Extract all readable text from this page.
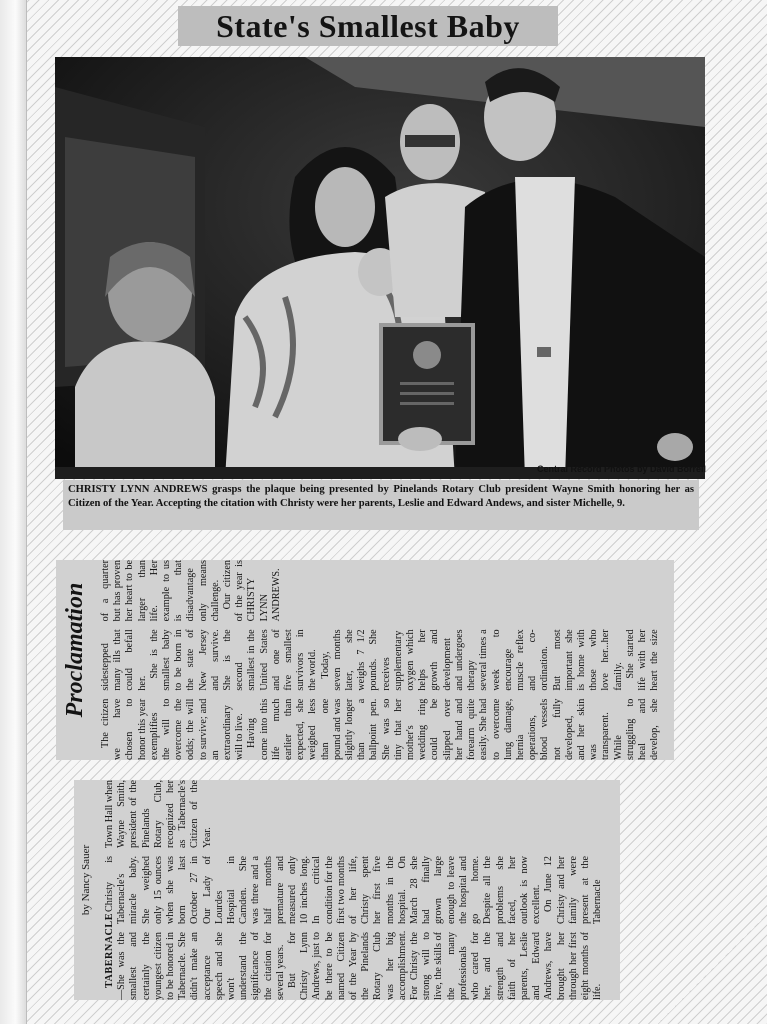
State's Smallest Baby
Central Record Photos by David Borrell
CHRISTY LYNN ANDREWS grasps the plaque being presented by Pinelands Rotary Club president Wayne Smith honoring her as Citizen of the Year. Accepting the citation with Christy were her parents, Leslie and Edward Andews, and sister Michelle, 9.
Proclamation

The citizen we have chosen to honor this year exemplifies the will to overcome the odds; the will to survive; and an extraordinary will to live. Having come into this life much earlier than expected, she weighed less than one pound and was slightly longer than a ballpoint pen. She was so tiny that her mother's wedding ring could be slipped over her hand and forearm quite easily. She had to overcome lung damage, hernia operations, blood vessels not fully developed, and her skin was transparent. While struggling to heal and develop, she sidestepped many ills that could befall her.

She is the smallest baby to be born in the state of New Jersey and survive. She is the second smallest in the United States and one of five smallest survivors in the world. Today, seven months later, she weighs 7 1/2 pounds. She receives supplementary oxygen which helps her growth and development and undergoes therapy several times a week to encourage muscle reflex and co-ordination. But most important she is home with those who love her...her family. She started life with her heart the size of a quarter but has proven her heart to be larger than life. Her example to us is that disadvantage only means challenge. Our citizen of the year is CHRISTY LYNN ANDREWS.

by Nancy Sauer

TABERNACLE—She was the smallest and certainly the youngest citizen to be honored in Tabernacle. She didn't make an acceptance speech and she won't understand the significance of the citation for several years. But for Christy Lynn Andrews, just to be there to be named Citizen of the Year by the Pinelands Rotary Club was her big accomplishment. For Christy the strong will to live, the skills of the many professionals who cared for her, and the strength and faith of her parents, Leslie and Edward Andrews, have brought her through her first eight months of life.

Christy is Tabernacle's miracle baby. She weighed only 15 ounces when she was born last October 27 in Our Lady of Lourdes Hospital in Camden. She was three and a half months premature and measured only 10 inches long. In critical condition for the first two months of her life, Christy spent her first five months in the hospital. On March 28 she had finally grown large enough to leave the hospital and go home. Despite all the problems she faced, her outlook is now excellent. On June 12 Christy and her family were present at the Tabernacle Town Hall when Wayne Smith, president of the Pinelands Rotary Club, recognized her as Tabernacle's Citizen of the Year.
